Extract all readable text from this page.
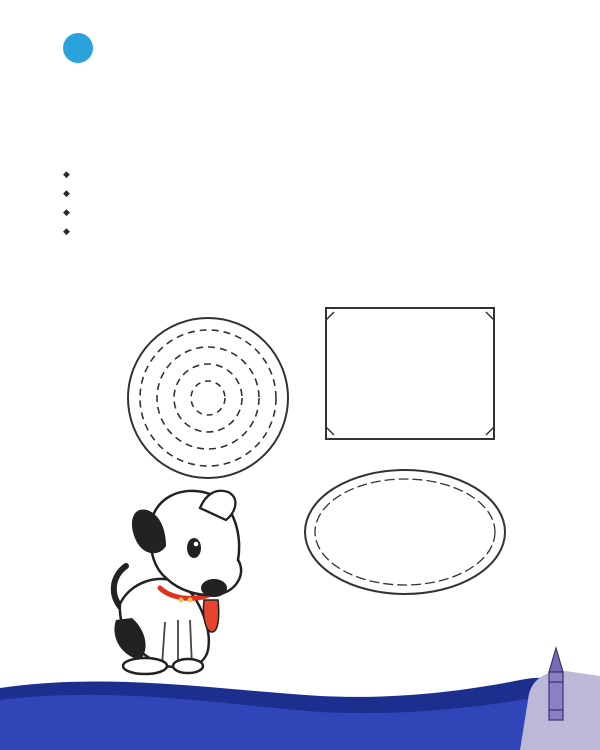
◆
◆
◆
◆
